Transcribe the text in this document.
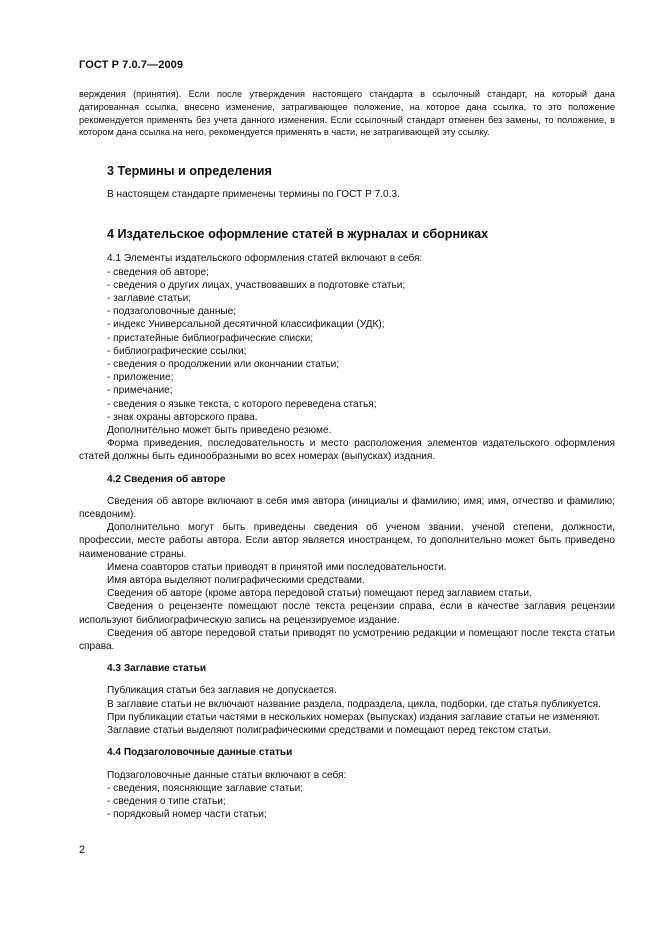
ГОСТ Р 7.0.7—2009

верждения (принятия). Если после утверждения настоящего стандарта в ссылочный стандарт, на который дана датированная ссылка, внесено изменение, затрагивающее положение, на которое дана ссылка, то это положение рекомендуется применять без учета данного изменения. Если ссылочный стандарт отменен без замены, то положение, в котором дана ссылка на него, рекомендуется применять в части, не затрагивающей эту ссылку.

3 Термины и определения

В настоящем стандарте применены термины по ГОСТ Р 7.0.3.

4 Издательское оформление статей в журналах и сборниках

4.1 Элементы издательского оформления статей включают в себя:

- сведения об авторе;
- сведения о других лицах, участвовавших в подготовке статьи;
- заглавие статьи;
- подзаголовочные данные;
- индекс Универсальной десятичной классификации (УДК);
- пристатейные библиографические списки;
- библиографические ссылки;
- сведения о продолжении или окончании статьи;
- приложение;
- примечание;
- сведения о языке текста, с которого переведена статья;
- знак охраны авторского права.

Дополнительно может быть приведено резюме.

Форма приведения, последовательность и место расположения элементов издательского оформления статей должны быть единообразными во всех номерах (выпусках) издания.

4.2 Сведения об авторе

Сведения об авторе включают в себя имя автора (инициалы и фамилию; имя; имя, отчество и фамилию; псевдоним).

Дополнительно могут быть приведены сведения об ученом звании, ученой степени, должности, профессии, месте работы автора. Если автор является иностранцем, то дополнительно может быть приведено наименование страны.

Имена соавторов статьи приводят в принятой ими последовательности.

Имя автора выделяют полиграфическими средствами.

Сведения об авторе (кроме автора передовой статьи) помещают перед заглавием статьи.

Сведения о рецензенте помещают после текста рецензии справа, если в качестве заглавия рецензии используют библиографическую запись на рецензируемое издание.

Сведения об авторе передовой статьи приводят по усмотрению редакции и помещают после текста статьи справа.

4.3 Заглавие статьи

Публикация статьи без заглавия не допускается.

В заглавие статьи не включают название раздела, подраздела, цикла, подборки, где статья публикуется.

При публикации статьи частями в нескольких номерах (выпусках) издания заглавие статьи не изменяют.

Заглавие статьи выделяют полиграфическими средствами и помещают перед текстом статьи.

4.4 Подзаголовочные данные статьи

Подзаголовочные данные статьи включают в себя:

- сведения, поясняющие заглавие статьи;
- сведения о типе статьи;
- порядковый номер части статьи;
2
